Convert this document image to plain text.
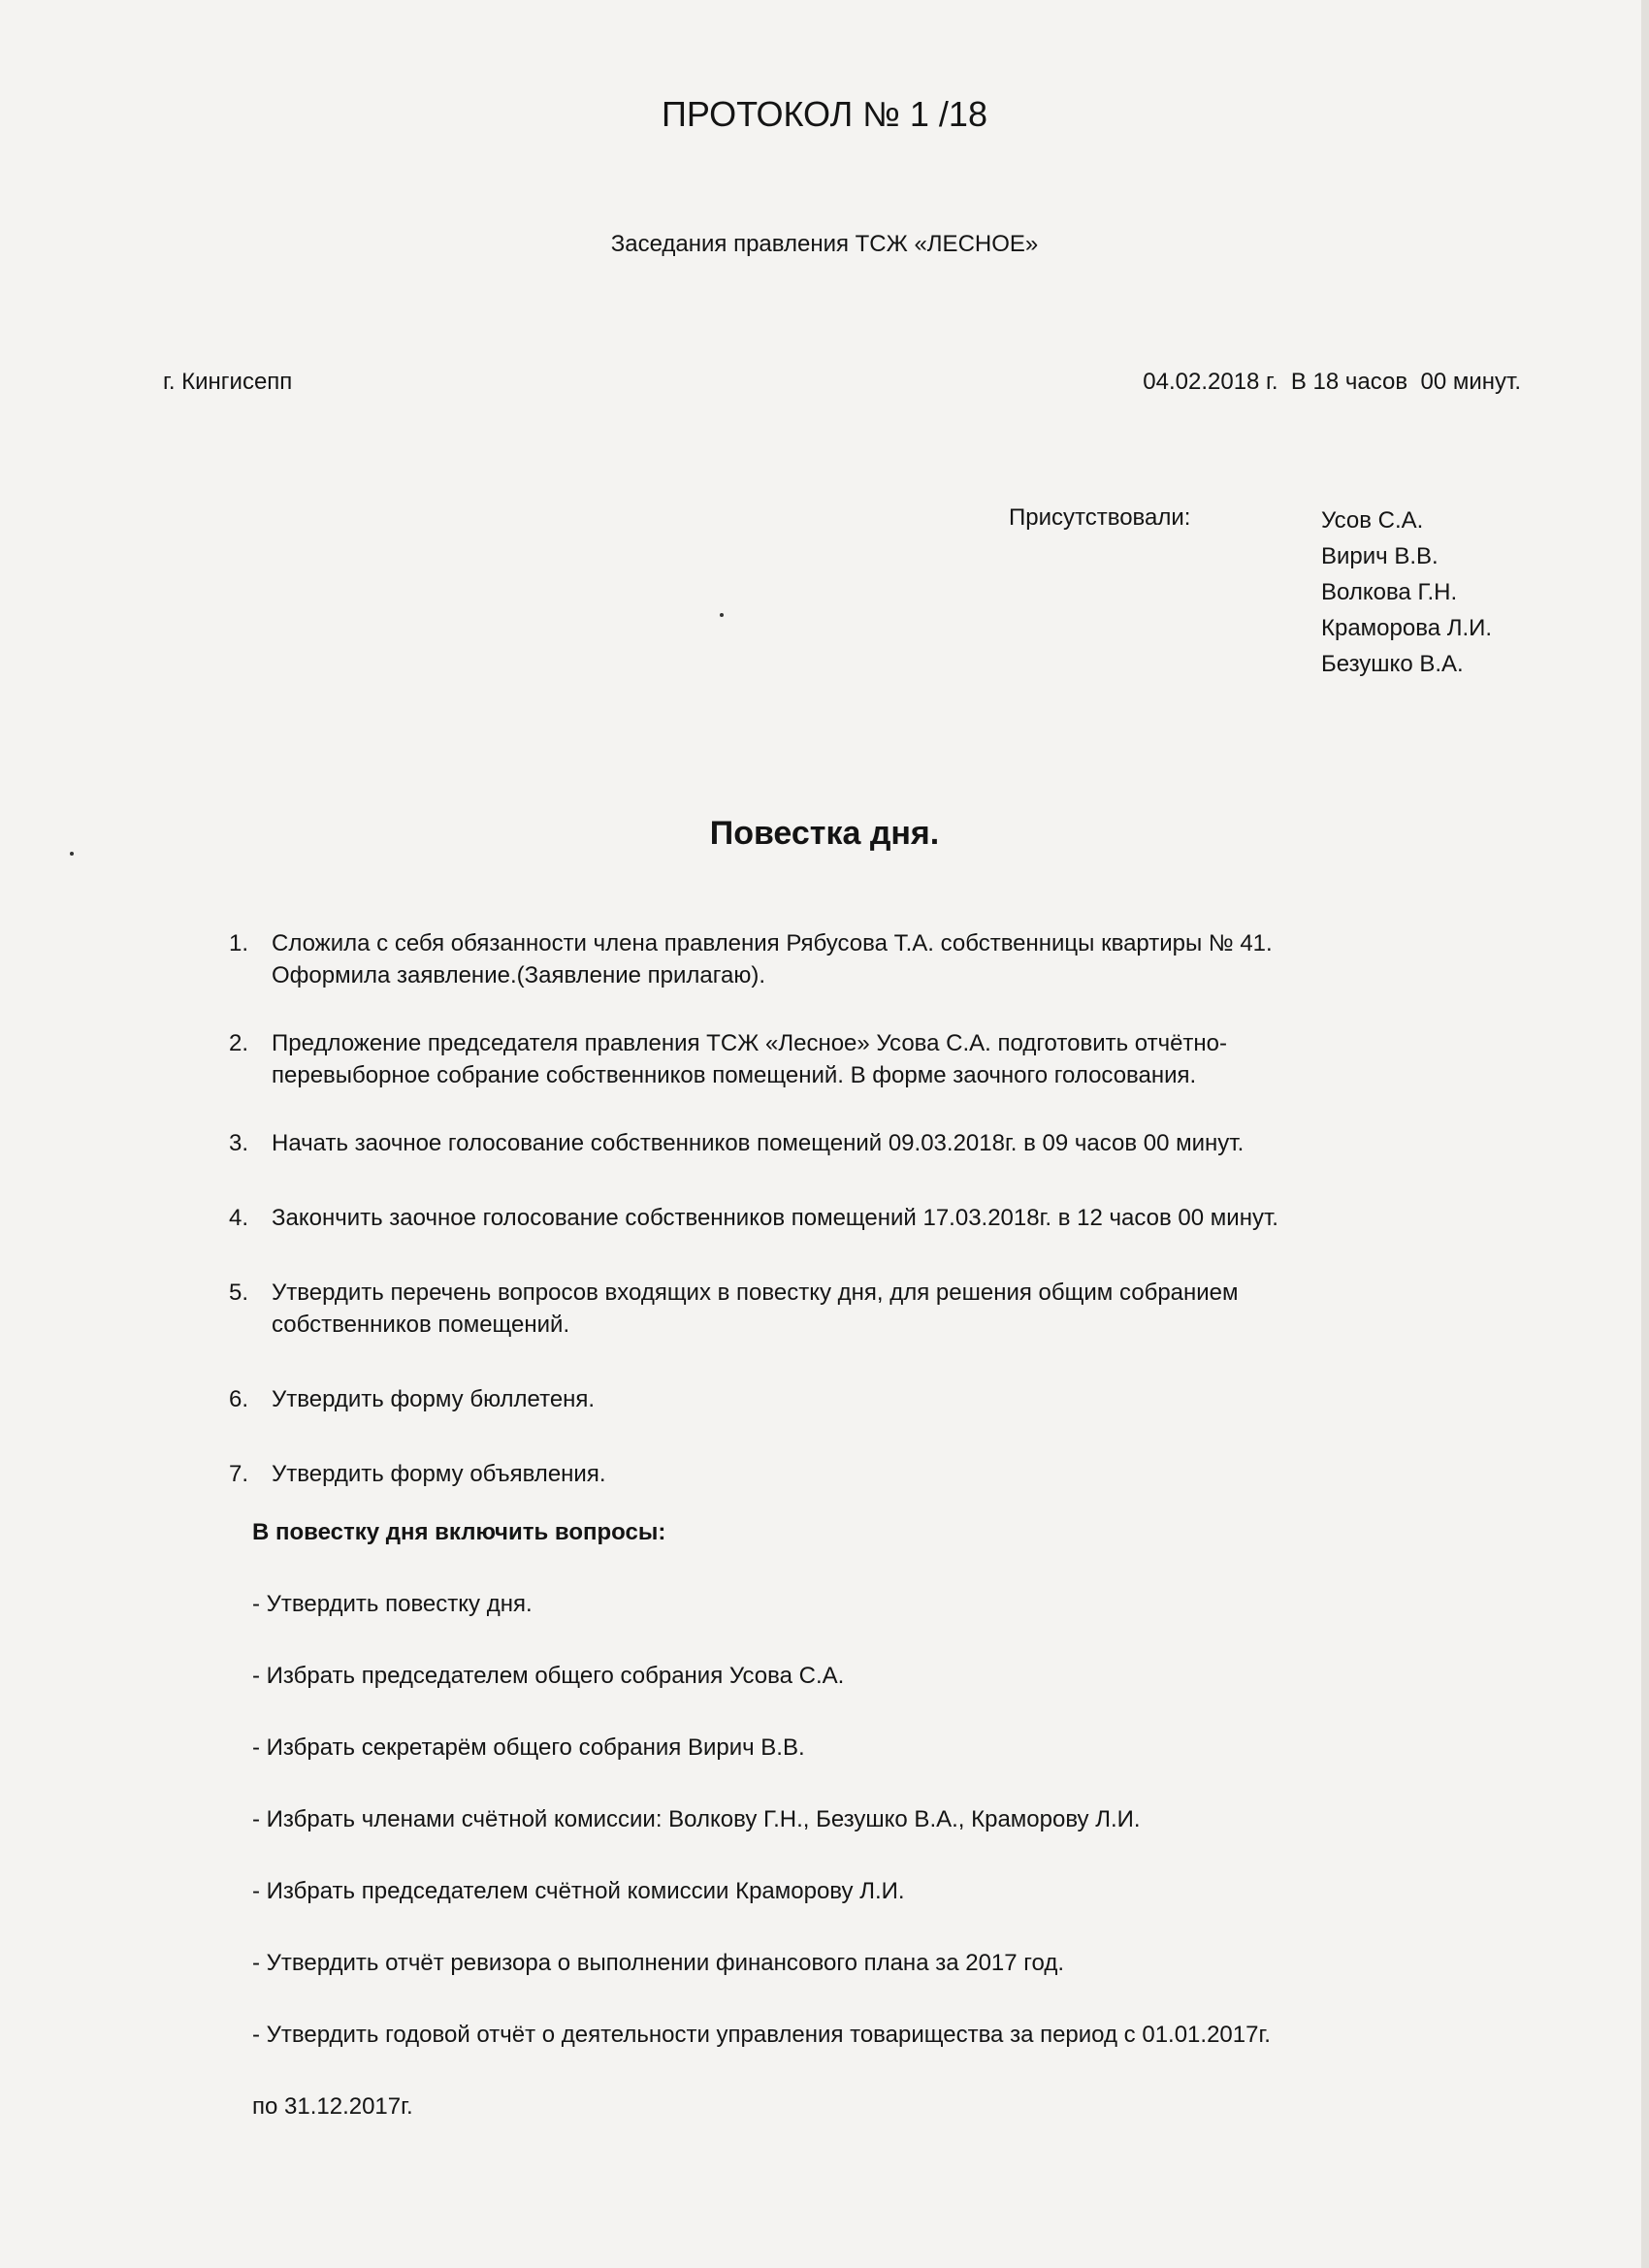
ПРОТОКОЛ № 1 /18
Заседания правления ТСЖ «ЛЕСНОЕ»
г. Кингисепп	04.02.2018 г.  В 18 часов  00 минут.
Присутствовали:	Усов С.А.
Вирич В.В.
Волкова Г.Н.
Краморова Л.И.
Безушко В.А.
Повестка дня.
1.	Сложила с себя обязанности члена правления Рябусова Т.А. собственницы квартиры № 41.
Оформила заявление.(Заявление прилагаю).
2.	Предложение председателя правления ТСЖ «Лесное» Усова С.А. подготовить отчётно-
перевыборное собрание собственников помещений. В форме заочного голосования.
3.	Начать заочное голосование собственников помещений 09.03.2018г. в 09 часов 00 минут.
4.	Закончить заочное голосование собственников помещений 17.03.2018г. в 12 часов 00 минут.
5.	Утвердить перечень вопросов входящих в повестку дня, для решения общим собранием
собственников помещений.
6.	Утвердить форму бюллетеня.
7.	Утвердить форму объявления.
В повестку дня включить вопросы:
- Утвердить повестку дня.
- Избрать председателем общего собрания Усова С.А.
- Избрать секретарём общего собрания Вирич В.В.
- Избрать членами счётной комиссии: Волкову Г.Н., Безушко В.А., Краморову Л.И.
- Избрать председателем счётной комиссии Краморову Л.И.
- Утвердить отчёт ревизора о выполнении финансового плана за 2017 год.
- Утвердить годовой отчёт о деятельности управления товарищества за период с 01.01.2017г.
по 31.12.2017г.
